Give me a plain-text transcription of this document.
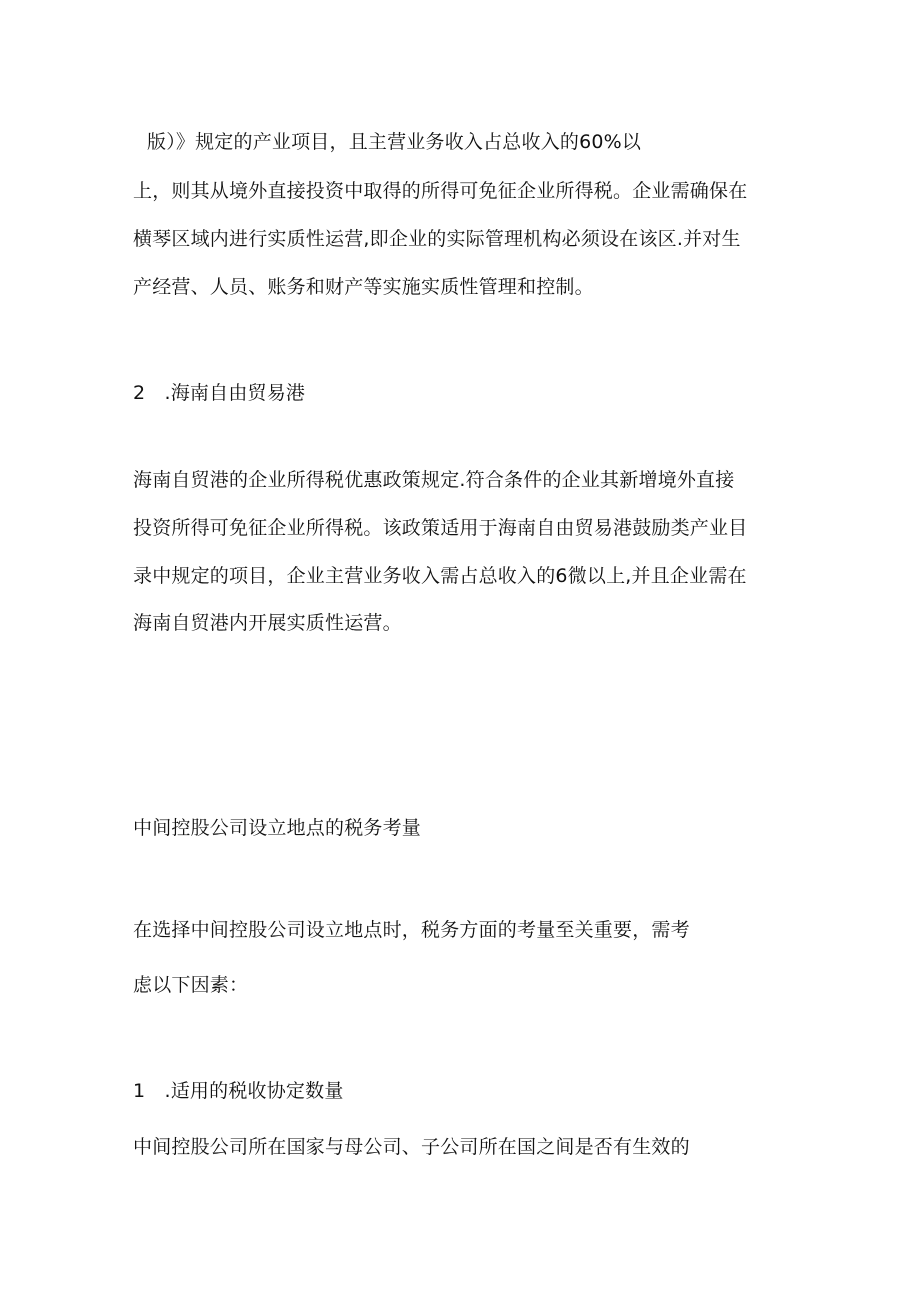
版）》规定的产业项目，且主营业务收入占总收入的60%以
上，则其从境外直接投资中取得的所得可免征企业所得税。企业需确保在
横琴区域内进行实质性运营,即企业的实际管理机构必须设在该区.并对生
产经营、人员、账务和财产等实施实质性管理和控制。
2　.海南自由贸易港
海南自贸港的企业所得税优惠政策规定.符合条件的企业其新增境外直接
投资所得可免征企业所得税。该政策适用于海南自由贸易港鼓励类产业目
录中规定的项目，企业主营业务收入需占总收入的6微以上,并且企业需在
海南自贸港内开展实质性运营。
中间控股公司设立地点的税务考量
在选择中间控股公司设立地点时，税务方面的考量至关重要，需考
虑以下因素：
1　.适用的税收协定数量
中间控股公司所在国家与母公司、子公司所在国之间是否有生效的
